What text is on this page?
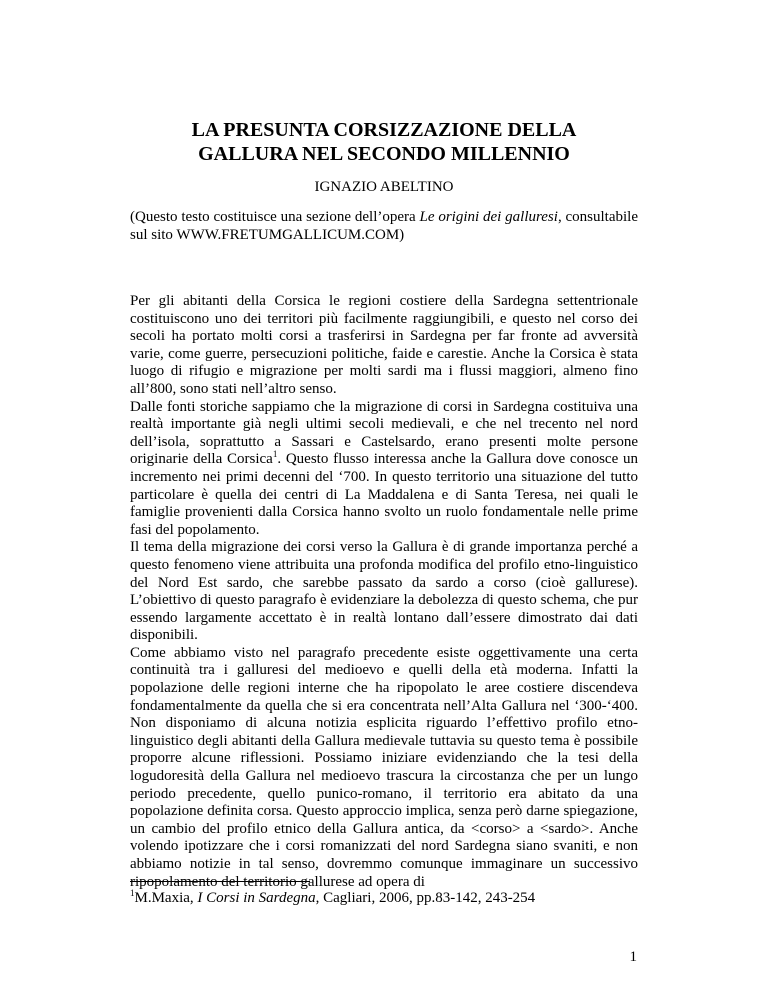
LA PRESUNTA CORSIZZAZIONE DELLA
GALLURA NEL SECONDO MILLENNIO

IGNAZIO ABELTINO

(Questo testo costituisce una sezione dell’opera Le origini dei galluresi, consultabile sul sito WWW.FRETUMGALLICUM.COM)

Per gli abitanti della Corsica le regioni costiere della Sardegna settentrionale costituiscono uno dei territori più facilmente raggiungibili, e questo nel corso dei secoli ha portato molti corsi a trasferirsi in Sardegna per far fronte ad avversità varie, come guerre, persecuzioni politiche, faide e carestie. Anche la Corsica è stata luogo di rifugio e migrazione per molti sardi ma i flussi maggiori, almeno fino all’800, sono stati nell’altro senso.

Dalle fonti storiche sappiamo che la migrazione di corsi in Sardegna costituiva una realtà importante già negli ultimi secoli medievali, e che nel trecento nel nord dell’isola, soprattutto a Sassari e Castelsardo, erano presenti molte persone originarie della Corsica$^1$. Questo flusso interessa anche la Gallura dove conosce un incremento nei primi decenni del ‘700. In questo territorio una situazione del tutto particolare è quella dei centri di La Maddalena e di Santa Teresa, nei quali le famiglie provenienti dalla Corsica hanno svolto un ruolo fondamentale nelle prime fasi del popolamento.

Il tema della migrazione dei corsi verso la Gallura è di grande importanza perché a questo fenomeno viene attribuita una profonda modifica del profilo etno-linguistico del Nord Est sardo, che sarebbe passato da sardo a corso (cioè gallurese). L’obiettivo di questo paragrafo è evidenziare la debolezza di questo schema, che pur essendo largamente accettato è in realtà lontano dall’essere dimostrato dai dati disponibili.

Come abbiamo visto nel paragrafo precedente esiste oggettivamente una certa continuità tra i galluresi del medioevo e quelli della età moderna. Infatti la popolazione delle regioni interne che ha ripopolato le aree costiere discendeva fondamentalmente da quella che si era concentrata nell’Alta Gallura nel ‘300-‘400. Non disponiamo di alcuna notizia esplicita riguardo l’effettivo profilo etno-linguistico degli abitanti della Gallura medievale tuttavia su questo tema è possibile proporre alcune riflessioni. Possiamo iniziare evidenziando che la tesi della logudoresità della Gallura nel medioevo trascura la circostanza che per un lungo periodo precedente, quello punico-romano, il territorio era abitato da una popolazione definita corsa. Questo approccio implica, senza però darne spiegazione, un cambio del profilo etnico della Gallura antica, da <corso> a <sardo>. Anche volendo ipotizzare che i corsi romanizzati del nord Sardegna siano svaniti, e non abbiamo notizie in tal senso, dovremmo comunque immaginare un successivo ripopolamento del territorio gallurese ad opera di

$^1$M.Maxia, I Corsi in Sardegna, Cagliari, 2006, pp.83-142, 243-254

1
